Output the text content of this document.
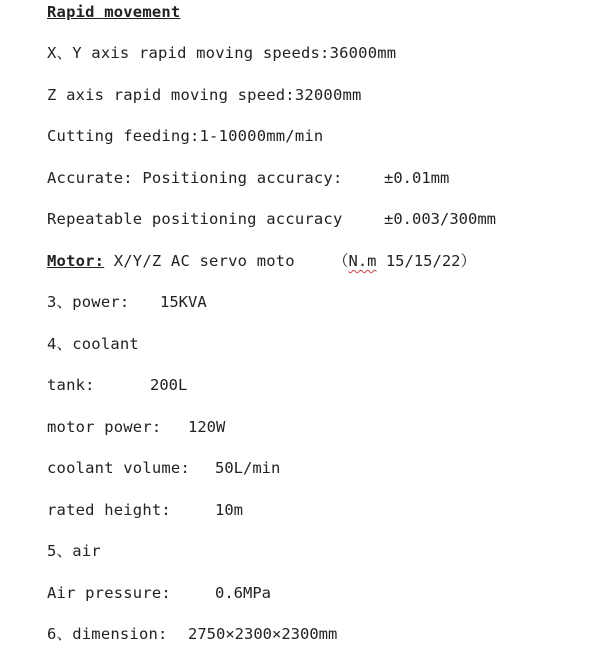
Rapid movement
X、Y axis rapid moving speeds:36000mm
Z axis rapid moving speed:32000mm
Cutting feeding:1-10000mm/min
Accurate: Positioning accuracy:	±0.01mm
Repeatable positioning accuracy	±0.003/300mm
Motor: X/Y/Z AC servo moto （N.m 15/15/22）
3、power: 15KVA
4、coolant
tank:	200L
motor power: 120W
coolant volume: 50L/min
rated height:	10m
5、air
Air pressure:	0.6MPa
6、dimension: 2750×2300×2300mm
